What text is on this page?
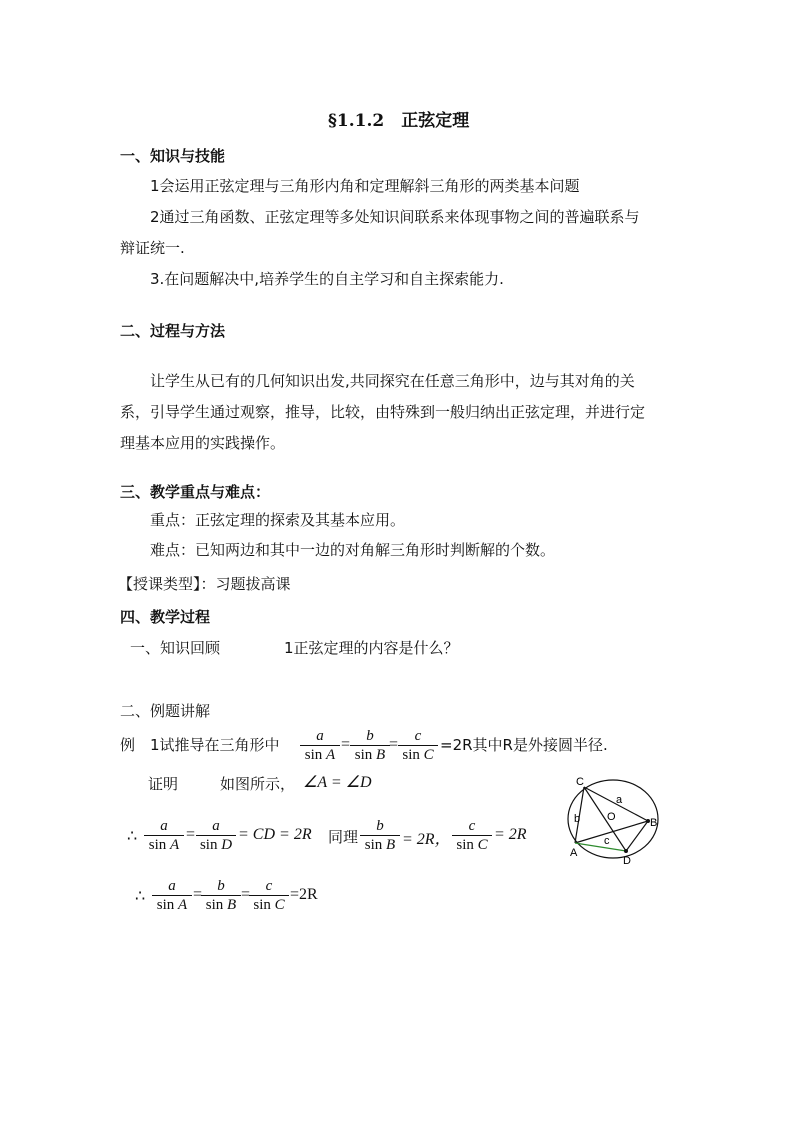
§1.1.2　正弦定理
一、知识与技能
1会运用正弦定理与三角形内角和定理解斜三角形的两类基本问题
2通过三角函数、正弦定理等多处知识间联系来体现事物之间的普遍联系与
辩证统一.
3.在问题解决中,培养学生的自主学习和自主探索能力.
二、过程与方法
让学生从已有的几何知识出发,共同探究在任意三角形中，边与其对角的关
系，引导学生通过观察，推导，比较，由特殊到一般归纳出正弦定理，并进行定
理基本应用的实践操作。
三、教学重点与难点：
重点：正弦定理的探索及其基本应用。
难点：已知两边和其中一边的对角解三角形时判断解的个数。
【授课类型】：习题拔高课
四、教学过程
一、知识回顾	1正弦定理的内容是什么？
二、例题讲解
例　1试推导在三角形中	a
sin A
=	b
sin B
=	c
sin C
=2R其中R是外接圆半径.
证明	如图所示， ∠A = ∠D
∴
a
sin A
=	a
sin D
= CD = 2R 同理
b
sin B = 2R，
c
sin C
= 2R
∴
a
sin A
=	b
sin B
=	c
sin C
=2R
C
a
b O	B
c
A
D
